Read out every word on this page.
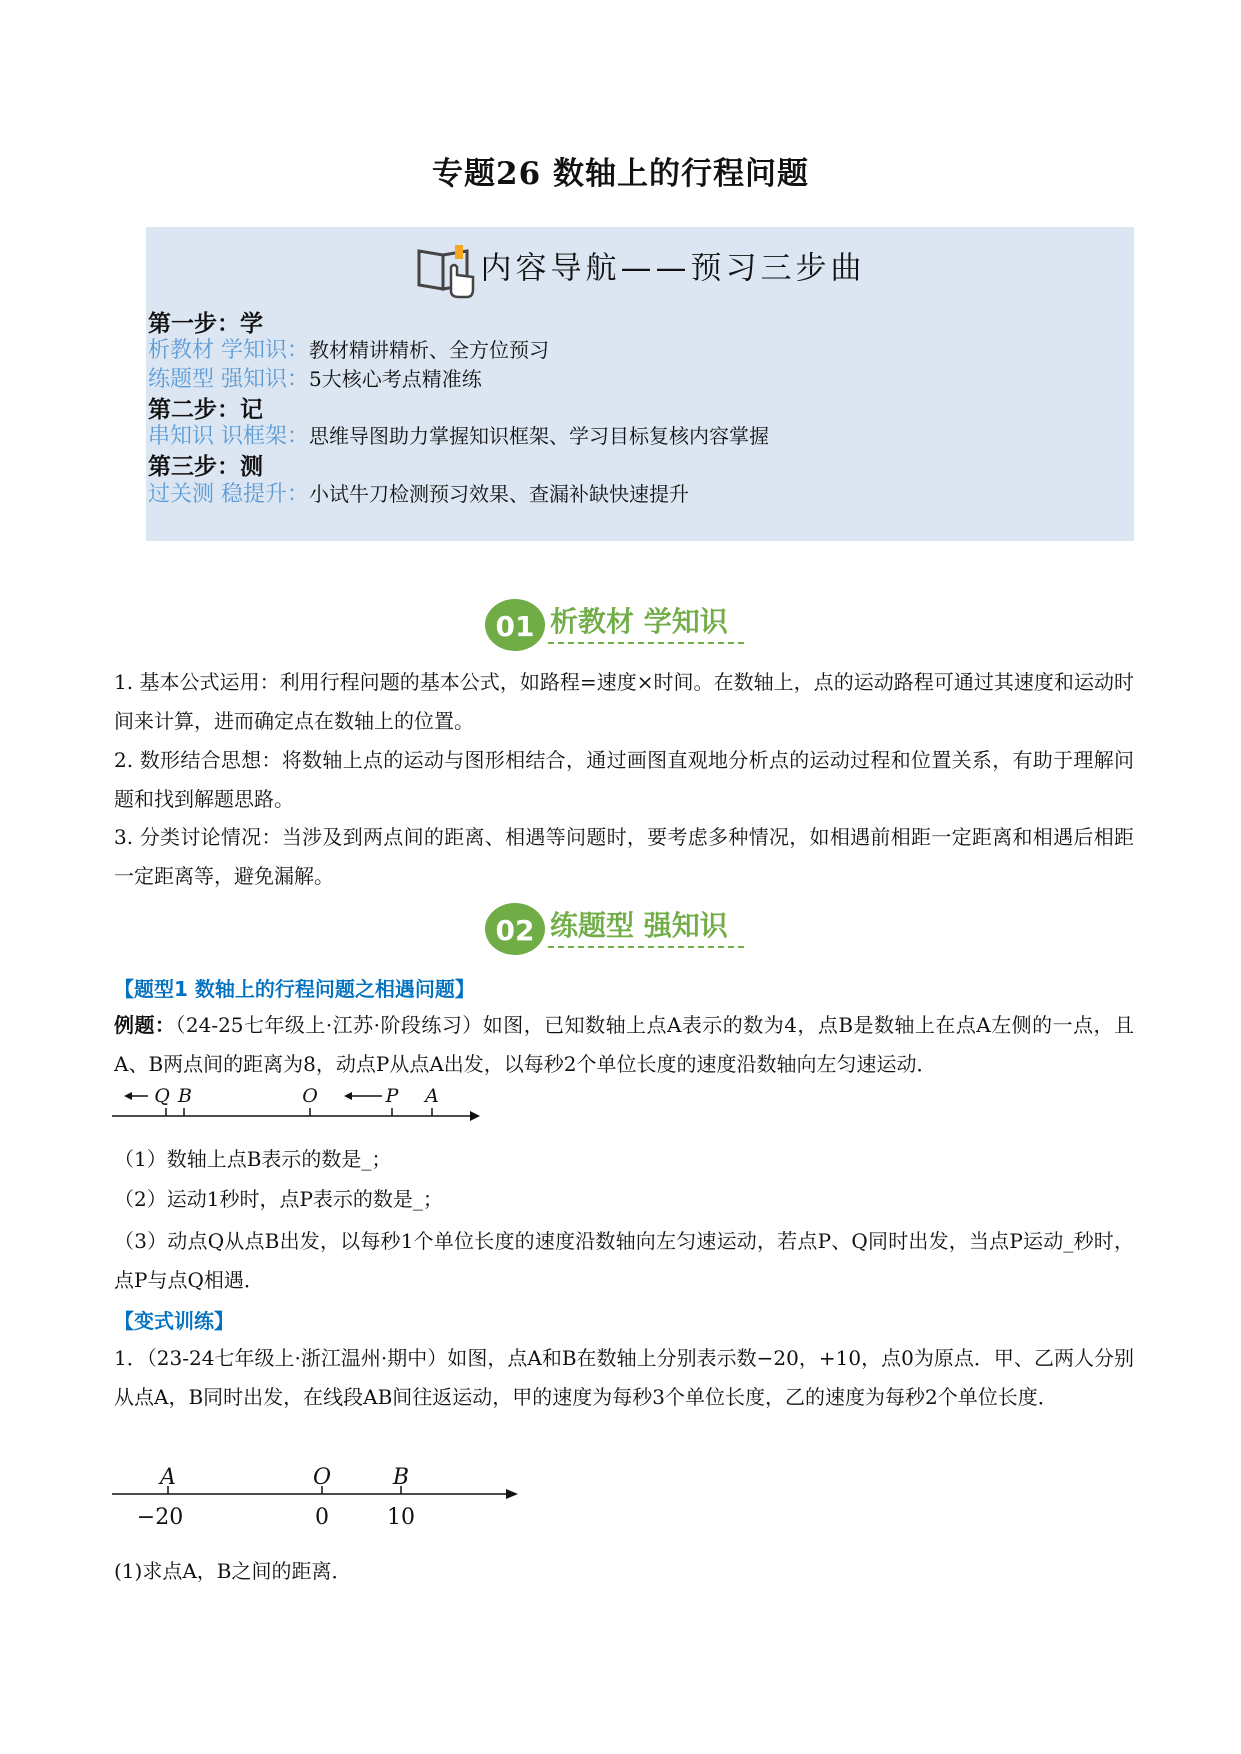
专题26 数轴上的行程问题
内容导航——预习三步曲
第一步：学
析教材 学知识：教材精讲精析、全方位预习
练题型 强知识：5大核心考点精准练
第二步：记
串知识 识框架：思维导图助力掌握知识框架、学习目标复核内容掌握
第三步：测
过关测 稳提升：小试牛刀检测预习效果、查漏补缺快速提升
01 析教材 学知识
1. 基本公式运用：利用行程问题的基本公式，如路程=速度×时间。在数轴上，点的运动路程可通过其速度和运动时间来计算，进而确定点在数轴上的位置。
2. 数形结合思想：将数轴上点的运动与图形相结合，通过画图直观地分析点的运动过程和位置关系，有助于理解问题和找到解题思路。
3. 分类讨论情况：当涉及到两点间的距离、相遇等问题时，要考虑多种情况，如相遇前相距一定距离和相遇后相距一定距离等，避免漏解。
02 练题型 强知识
【题型1 数轴上的行程问题之相遇问题】
例题：（24-25七年级上·江苏·阶段练习）如图，已知数轴上点A表示的数为4，点B是数轴上在点A左侧的一点，且A、B两点间的距离为8，动点P从点A出发，以每秒2个单位长度的速度沿数轴向左匀速运动．
Q B	O	P A
（1）数轴上点B表示的数是_；
（2）运动1秒时，点P表示的数是_；
（3）动点Q从点B出发，以每秒1个单位长度的速度沿数轴向左匀速运动，若点P、Q同时出发，当点P运动_秒时，点P与点Q相遇．
【变式训练】
1．（23-24七年级上·浙江温州·期中）如图，点A和B在数轴上分别表示数−20，+10，点0为原点．甲、乙两人分别从点A，B同时出发，在线段AB间往返运动，甲的速度为每秒3个单位长度，乙的速度为每秒2个单位长度．
A	O	B
−20	0	10
(1)求点A，B之间的距离．
